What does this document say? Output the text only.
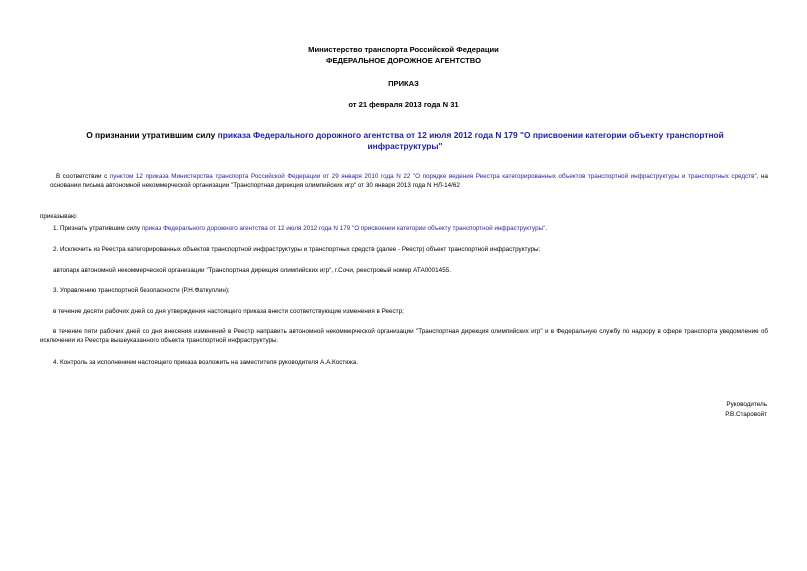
Министерство транспорта Российской Федерации
ФЕДЕРАЛЬНОЕ ДОРОЖНОЕ АГЕНТСТВО
ПРИКАЗ
от 21 февраля 2013 года N 31
О признании утратившим силу приказа Федерального дорожного агентства от 12 июля 2012 года N 179 "О присвоении категории объекту транспортной инфраструктуры"
В соответствии с пунктом 12 приказа Министерства транспорта Российской Федерации от 29 января 2010 года N 22 "О порядке ведения Реестра категорированных объектов транспортной инфраструктуры и транспортных средств", на основании письма автономной некоммерческой организации "Транспортная дирекция олимпийских игр" от 30 января 2013 года N НЛ-14/62
приказываю:
1. Признать утратившим силу приказ Федерального дорожного агентства от 12 июля 2012 года N 179 "О присвоении категории объекту транспортной инфраструктуры".
2. Исключить из Реестра категорированных объектов транспортной инфраструктуры и транспортных средств (далее - Реестр) объект транспортной инфраструктуры:
автопарк автономной некоммерческой организации "Транспортная дирекция олимпийских игр", г.Сочи, реестровый номер АТА0001455.
3. Управлению транспортной безопасности (Р.Н.Фаткуллин):
в течение десяти рабочих дней со дня утверждения настоящего приказа внести соответствующие изменения в Реестр;
в течение пяти рабочих дней со дня внесения изменений в Реестр направить автономной некоммерческой организации "Транспортная дирекция олимпийских игр" и в Федеральную службу по надзору в сфере транспорта уведомление об исключении из Реестра вышеуказанного объекта транспортной инфраструктуры.
4. Контроль за исполнением настоящего приказа возложить на заместителя руководителя А.А.Костюка.
Руководитель
Р.В.Старовойт
